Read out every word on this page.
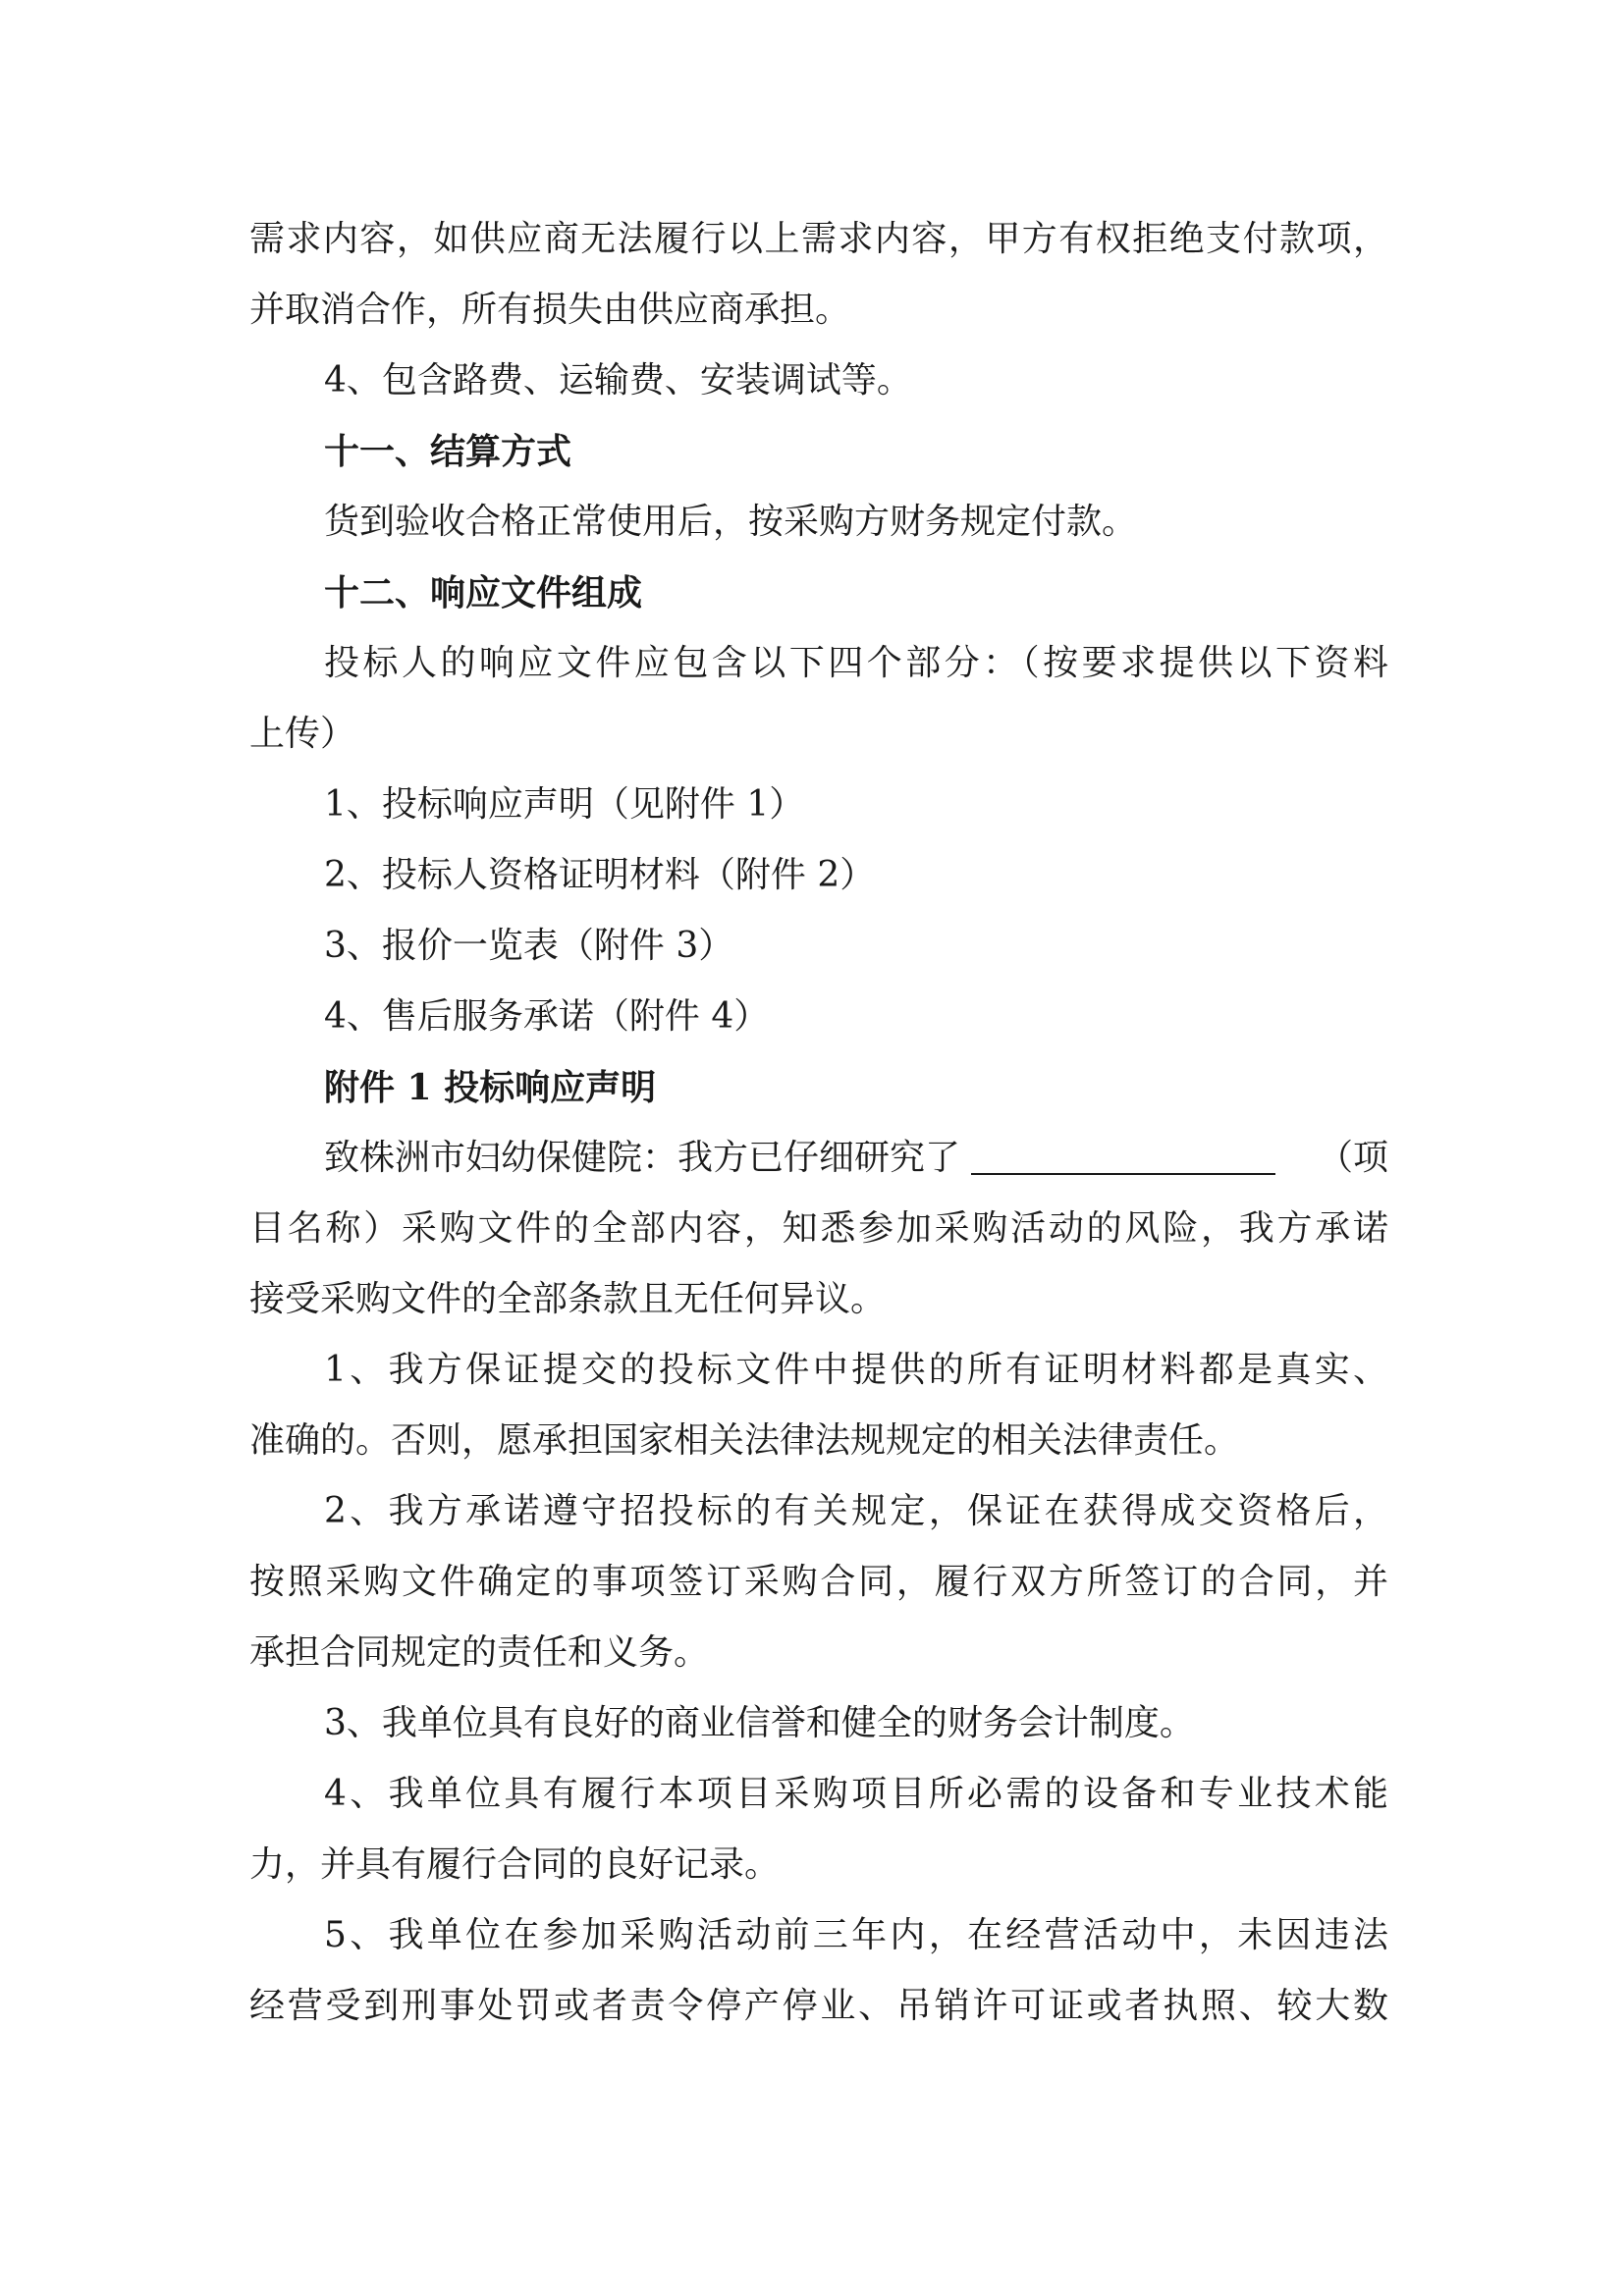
需求内容，如供应商无法履行以上需求内容，甲方有权拒绝支付款项，
并取消合作，所有损失由供应商承担。
4、包含路费、运输费、安装调试等。
十一、结算方式
货到验收合格正常使用后，按采购方财务规定付款。
十二、响应文件组成
投标人的响应文件应包含以下四个部分：（按要求提供以下资料
上传）
1、投标响应声明（见附件 1）
2、投标人资格证明材料（附件 2）
3、报价一览表（附件 3）
4、售后服务承诺（附件 4）
附件 1 投标响应声明
致株洲市妇幼保健院：我方已仔细研究了	（项
目名称）采购文件的全部内容，知悉参加采购活动的风险，我方承诺
接受采购文件的全部条款且无任何异议。
1、我方保证提交的投标文件中提供的所有证明材料都是真实、
准确的。否则，愿承担国家相关法律法规规定的相关法律责任。
2、我方承诺遵守招投标的有关规定，保证在获得成交资格后，
按照采购文件确定的事项签订采购合同，履行双方所签订的合同，并
承担合同规定的责任和义务。
3、我单位具有良好的商业信誉和健全的财务会计制度。
4、我单位具有履行本项目采购项目所必需的设备和专业技术能
力，并具有履行合同的良好记录。
5、我单位在参加采购活动前三年内，在经营活动中，未因违法
经营受到刑事处罚或者责令停产停业、吊销许可证或者执照、较大数
